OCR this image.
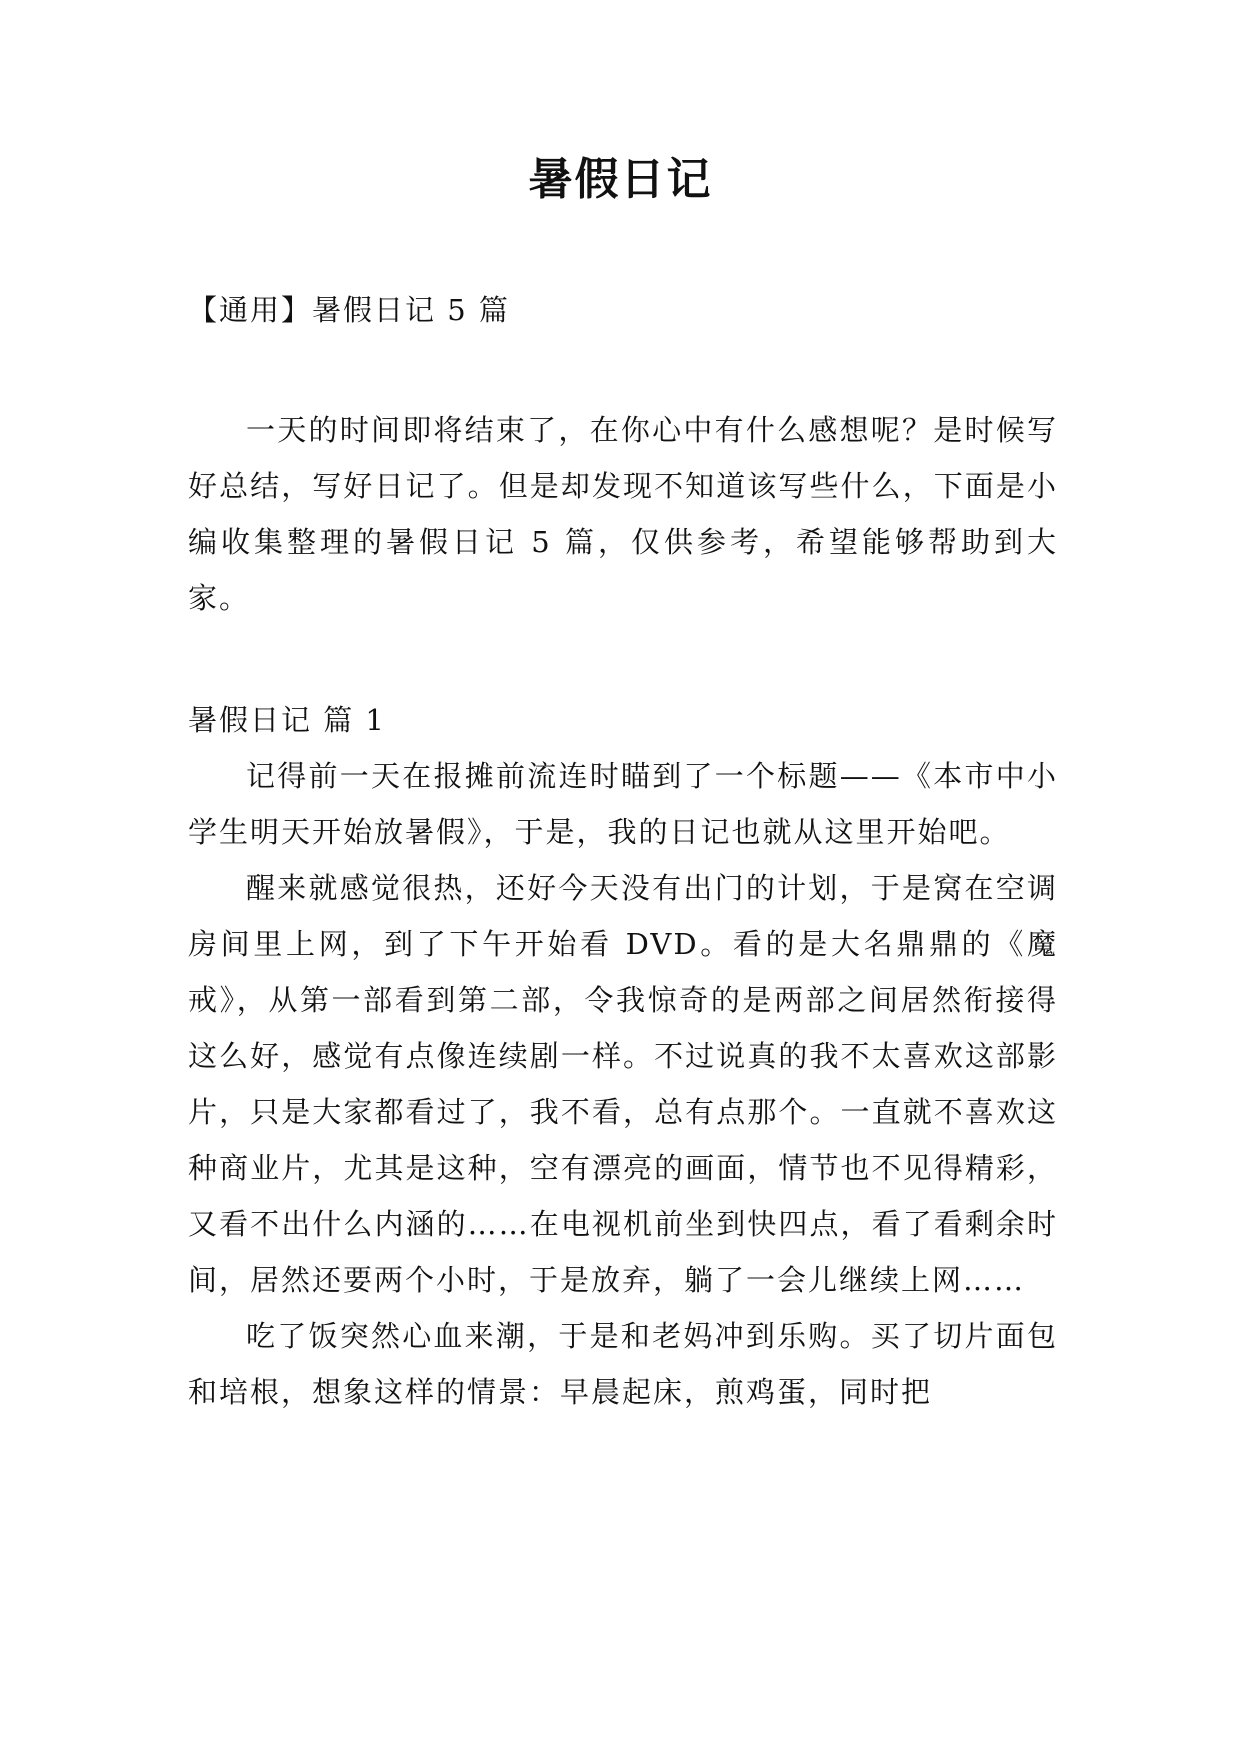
暑假日记
【通用】暑假日记 5 篇

一天的时间即将结束了，在你心中有什么感想呢？是时候写好总结，写好日记了。但是却发现不知道该写些什么，下面是小编收集整理的暑假日记 5 篇，仅供参考，希望能够帮助到大家。

暑假日记 篇 1

记得前一天在报摊前流连时瞄到了一个标题——《本市中小学生明天开始放暑假》，于是，我的日记也就从这里开始吧。

醒来就感觉很热，还好今天没有出门的计划，于是窝在空调房间里上网，到了下午开始看 DVD。看的是大名鼎鼎的《魔戒》，从第一部看到第二部，令我惊奇的是两部之间居然衔接得这么好，感觉有点像连续剧一样。不过说真的我不太喜欢这部影片，只是大家都看过了，我不看，总有点那个。一直就不喜欢这种商业片，尤其是这种，空有漂亮的画面，情节也不见得精彩，又看不出什么内涵的……在电视机前坐到快四点，看了看剩余时间，居然还要两个小时，于是放弃，躺了一会儿继续上网……

吃了饭突然心血来潮，于是和老妈冲到乐购。买了切片面包和培根，想象这样的情景：早晨起床，煎鸡蛋，同时把
